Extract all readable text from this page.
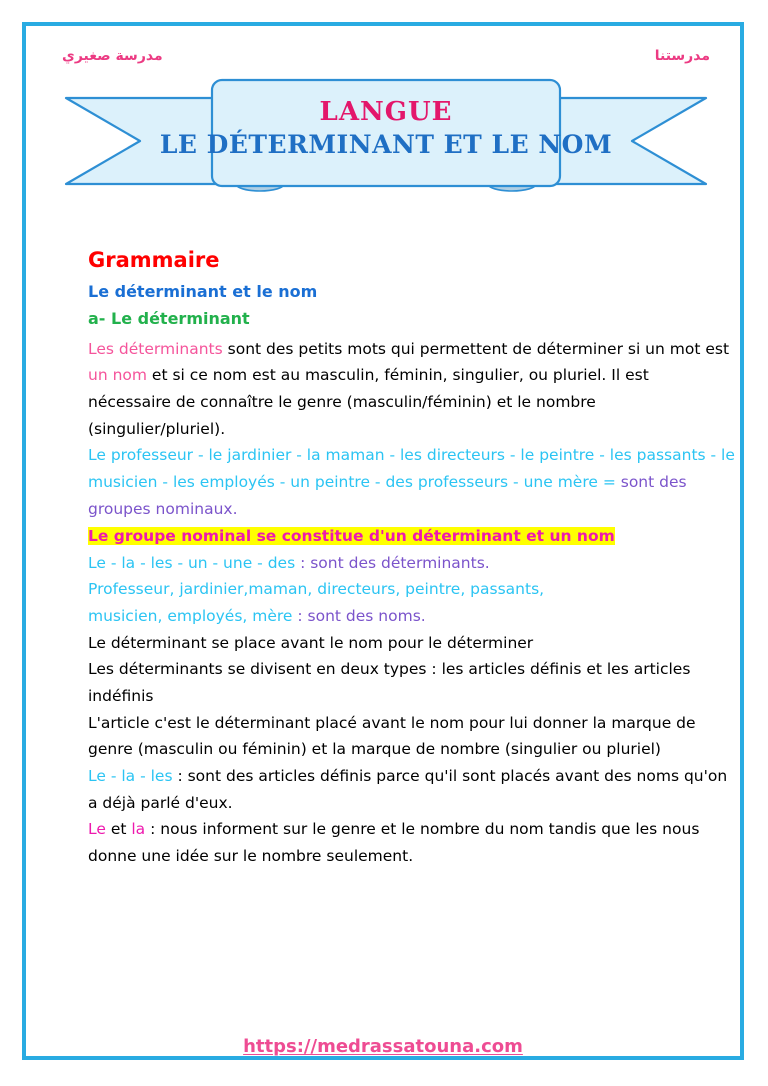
مدرسة صغيري	مدرستنا
LANGUE
LE DÉTERMINANT ET LE NOM
Grammaire
Le déterminant et le nom
a- Le déterminant

Les déterminants sont des petits mots qui permettent de déterminer si un mot est un nom et si ce nom est au masculin, féminin, singulier, ou pluriel. Il est nécessaire de connaître le genre (masculin/féminin) et le nombre (singulier/pluriel).

Le professeur - le jardinier - la maman - les directeurs - le peintre - les passants - le musicien - les employés - un peintre - des professeurs - une mère = sont des groupes nominaux.

Le groupe nominal se constitue d'un déterminant et un nom

Le - la - les - un - une - des : sont des déterminants.

Professeur, jardinier,maman, directeurs, peintre, passants,
musicien, employés, mère : sont des noms.

Le déterminant se place avant le nom pour le déterminer

Les déterminants se divisent en deux types : les articles définis et les articles indéfinis

L'article c'est le déterminant placé avant le nom pour lui donner la marque de genre (masculin ou féminin) et la marque de nombre (singulier ou pluriel)

Le - la - les : sont des articles définis parce qu'il sont placés avant des noms qu'on a déjà parlé d'eux.

Le et la : nous informent sur le genre et le nombre du nom tandis que les nous donne une idée sur le nombre seulement.

https://medrassatouna.com
